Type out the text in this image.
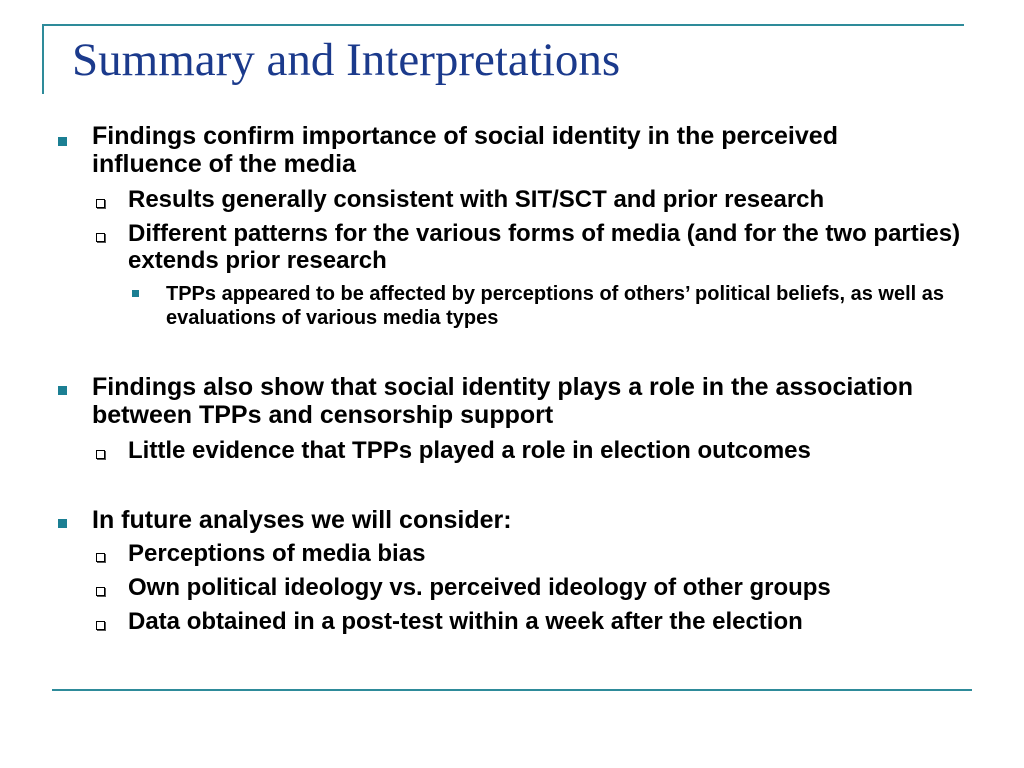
Summary and Interpretations
Findings confirm importance of social identity in the perceived influence of the media
Results generally consistent with SIT/SCT and prior research
Different patterns for the various forms of media (and for the two parties) extends prior research
TPPs appeared to be affected by perceptions of others’ political beliefs, as well as evaluations of various media types
Findings also show that social identity plays a role in the association between TPPs and censorship support
Little evidence that TPPs played a role in election outcomes
In future analyses we will consider:
Perceptions of media bias
Own political ideology vs. perceived ideology of other groups
Data obtained in a post-test within a week after the election
